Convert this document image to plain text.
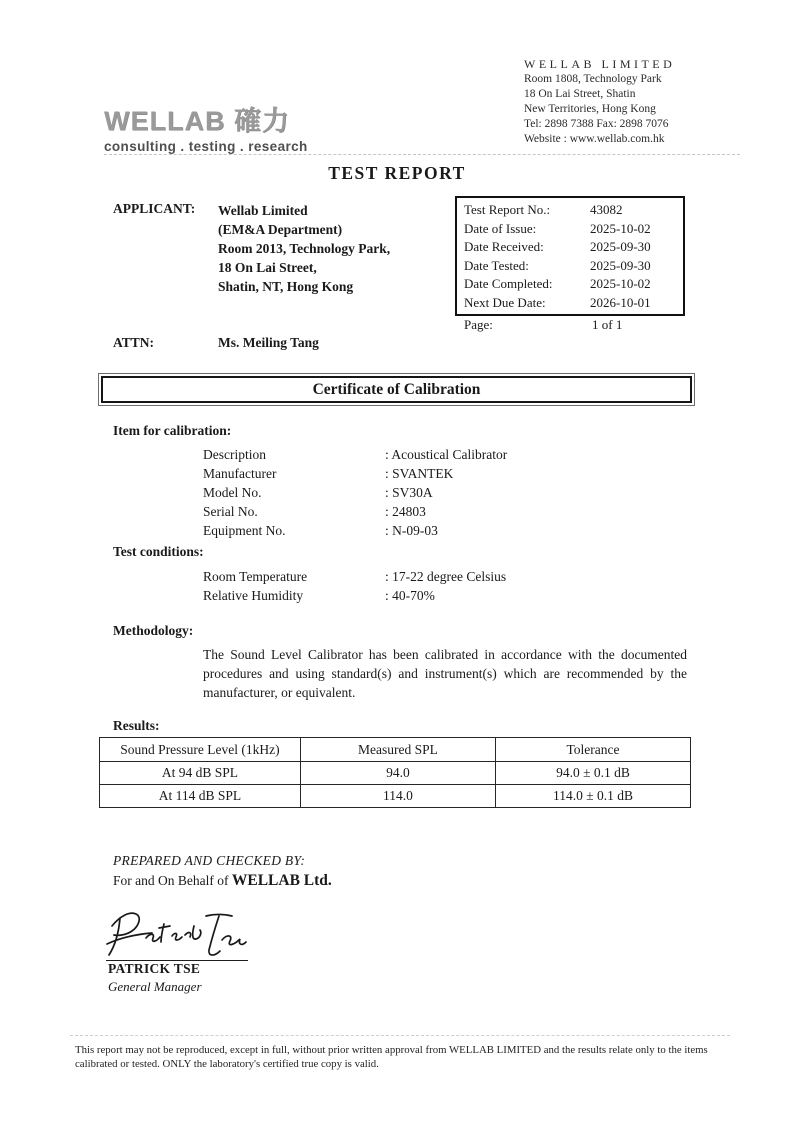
WELLAB 確力
consulting . testing . research
WELLAB LIMITED
Room 1808, Technology Park
18 On Lai Street, Shatin
New Territories, Hong Kong
Tel: 2898 7388 Fax: 2898 7076
Website : www.wellab.com.hk
TEST REPORT
APPLICANT: Wellab Limited
(EM&A Department)
Room 2013, Technology Park,
18 On Lai Street,
Shatin, NT, Hong Kong
Test Report No.:	43082
Date of Issue:	2025-10-02
Date Received:	2025-09-30
Date Tested:	2025-09-30
Date Completed:	2025-10-02
Next Due Date:	2026-10-01
Page:	1 of 1
ATTN:	Ms. Meiling Tang
Certificate of Calibration
Item for calibration:
Description	: Acoustical Calibrator
Manufacturer	: SVANTEK
Model No.	: SV30A
Serial No.	: 24803
Equipment No.	: N-09-03
Test conditions:
Room Temperature	: 17-22 degree Celsius
Relative Humidity	: 40-70%
Methodology:
The Sound Level Calibrator has been calibrated in accordance with the documented procedures and using standard(s) and instrument(s) which are recommended by the manufacturer, or equivalent.
Results:
Sound Pressure Level (1kHz)	Measured SPL	Tolerance
At 94 dB SPL	94.0	94.0 ± 0.1 dB
At 114 dB SPL	114.0	114.0 ± 0.1 dB
PREPARED AND CHECKED BY:
For and On Behalf of WELLAB Ltd.
PATRICK TSE
General Manager
This report may not be reproduced, except in full, without prior written approval from WELLAB LIMITED and the results relate only to the items calibrated or tested. ONLY the laboratory's certified true copy is valid.
